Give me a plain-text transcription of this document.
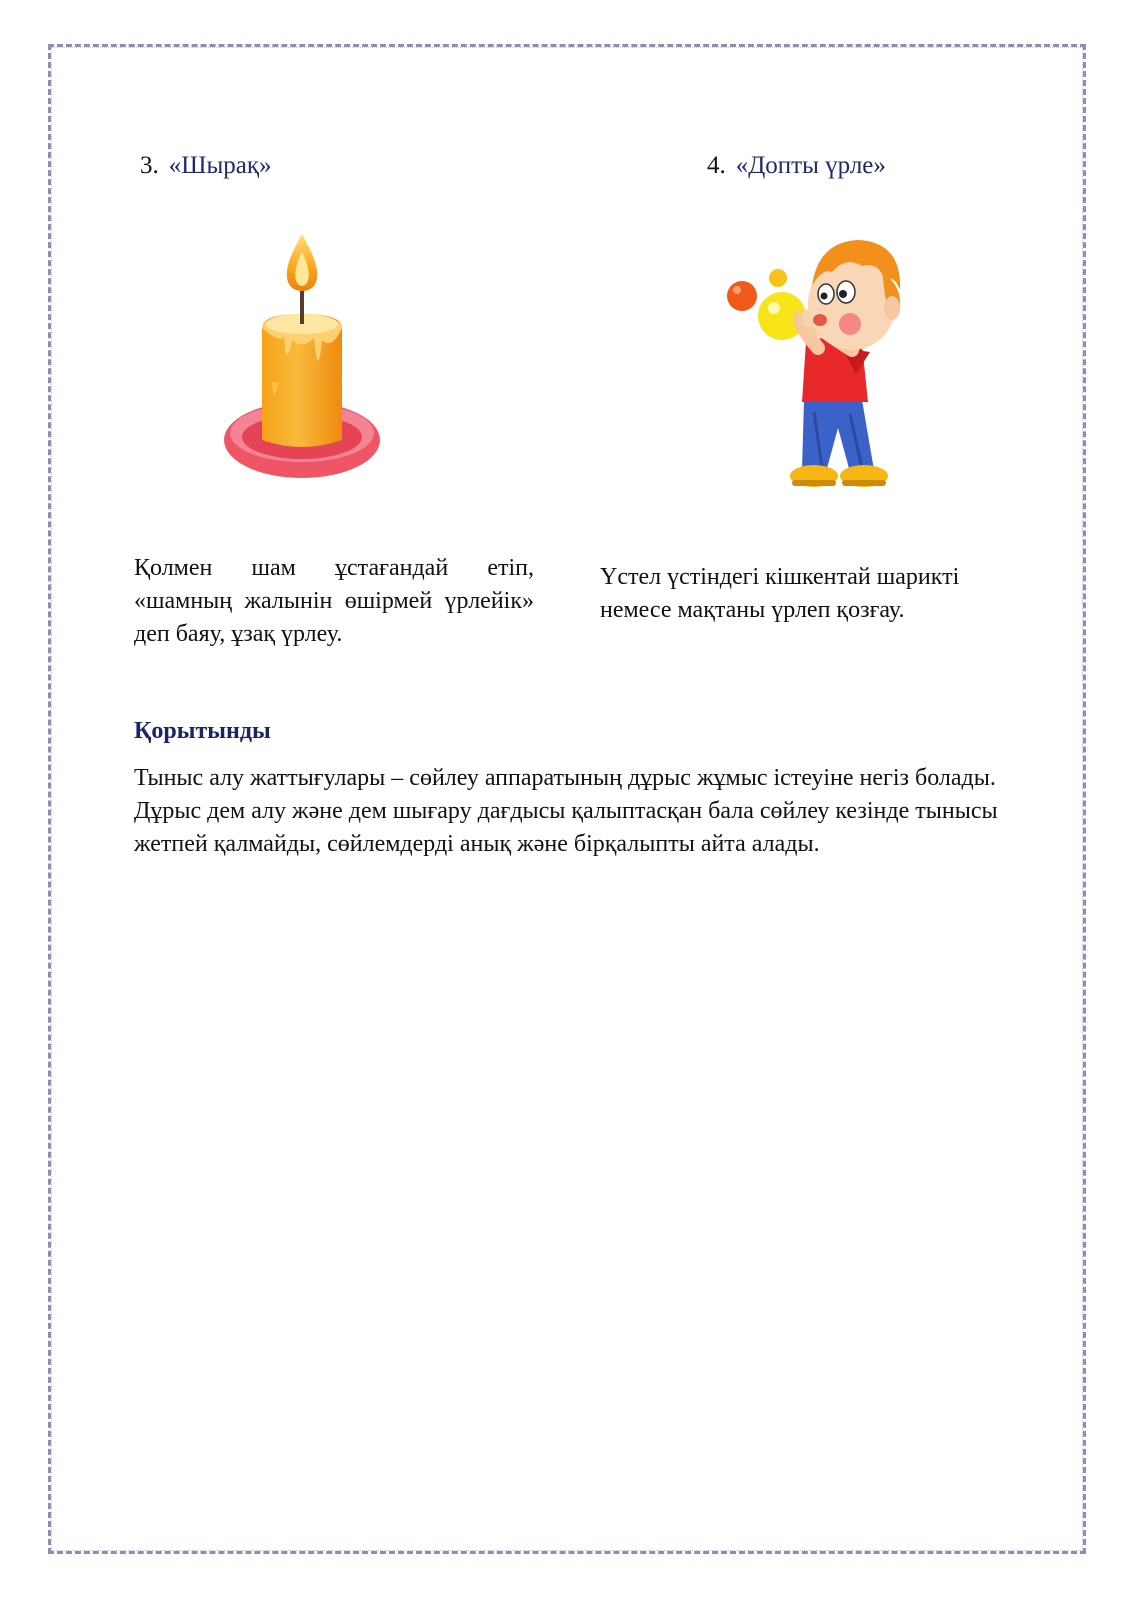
3. «Шырақ»
Қолмен шам ұстағандай етіп, «шамның жалынін өшірмей үрлейік» деп баяу, ұзақ үрлеу.
4. «Допты үрле»
Үстел үстіндегі кішкентай шарикті немесе мақтаны үрлеп қозғау.
Қорытынды
Тыныс алу жаттығулары – сөйлеу аппаратының дұрыс жұмыс істеуіне негіз болады. Дұрыс дем алу және дем шығару дағдысы қалыптасқан бала сөйлеу кезінде тынысы жетпей қалмайды, сөйлемдерді анық және бірқалыпты айта алады.
